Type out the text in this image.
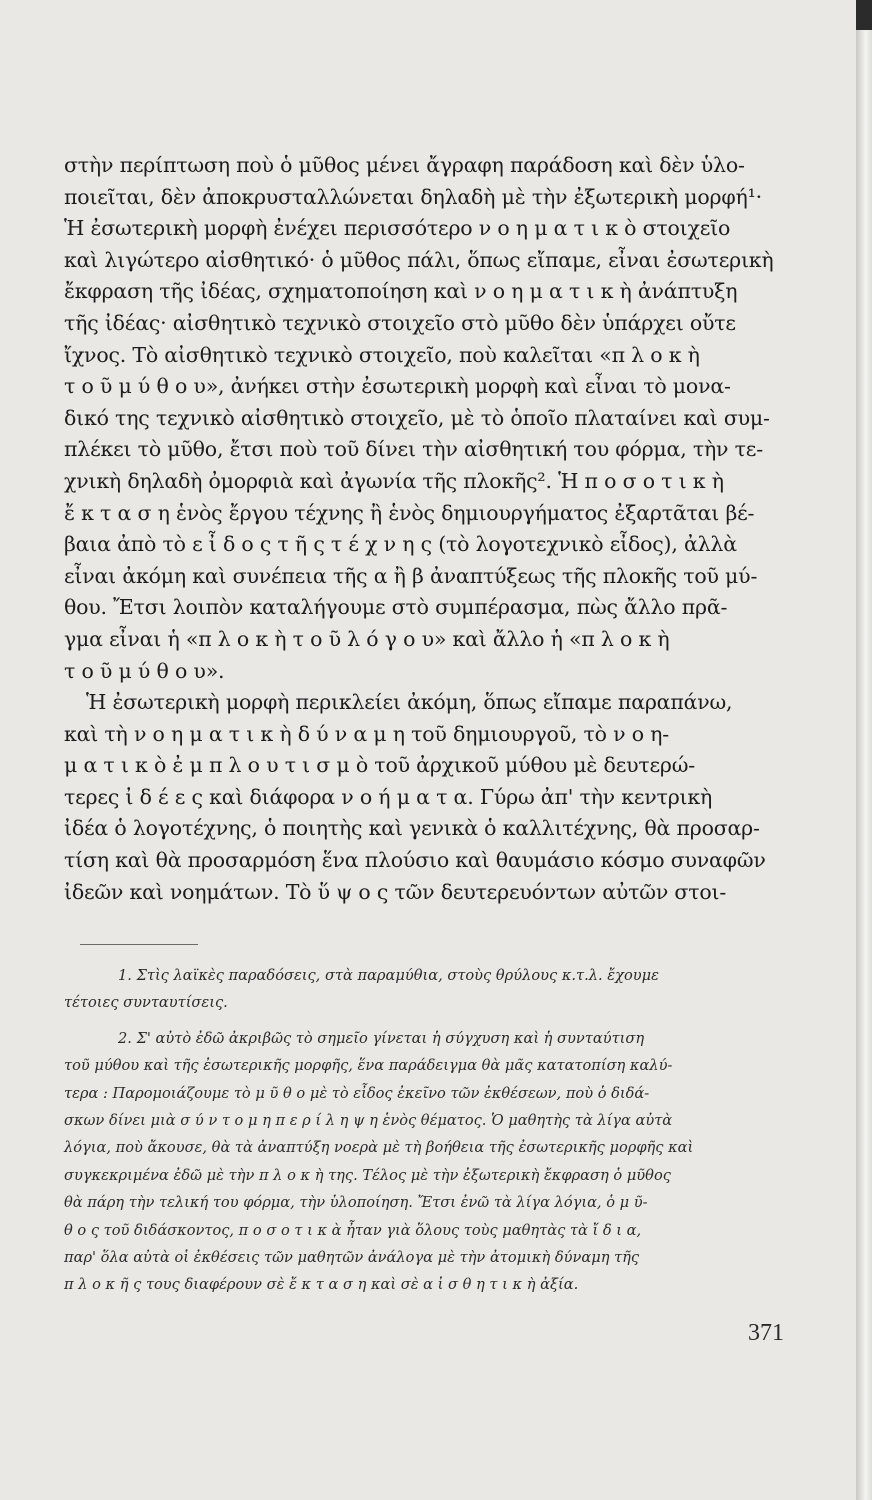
στὴν περίπτωση ποὺ ὁ μῦθος μένει ἄγραφη παράδοση καὶ δὲν ὑλο-
ποιεῖται, δὲν ἀποκρυσταλλώνεται δηλαδὴ μὲ τὴν ἐξωτερικὴ μορφή¹·
Ἡ ἐσωτερικὴ μορφὴ ἐνέχει περισσότερο ν ο η μ α τ ι κ ὸ στοιχεῖο
καὶ λιγώτερο αἰσθητικό· ὁ μῦθος πάλι, ὅπως εἴπαμε, εἶναι ἐσωτερικὴ
ἔκφραση τῆς ἰδέας, σχηματοποίηση καὶ ν ο η μ α τ ι κ ὴ ἀνάπτυξη
τῆς ἰδέας· αἰσθητικὸ τεχνικὸ στοιχεῖο στὸ μῦθο δὲν ὑπάρχει οὔτε
ἴχνος. Τὸ αἰσθητικὸ τεχνικὸ στοιχεῖο, ποὺ καλεῖται «π λ ο κ ὴ
τ ο ῦ μ ύ θ ο υ», ἀνήκει στὴν ἐσωτερικὴ μορφὴ καὶ εἶναι τὸ μονα-
δικό της τεχνικὸ αἰσθητικὸ στοιχεῖο, μὲ τὸ ὁποῖο πλαταίνει καὶ συμ-
πλέκει τὸ μῦθο, ἔτσι ποὺ τοῦ δίνει τὴν αἰσθητική του φόρμα, τὴν τε-
χνικὴ δηλαδὴ ὀμορφιὰ καὶ ἀγωνία τῆς πλοκῆς². Ἡ π ο σ ο τ ι κ ὴ
ἔ κ τ α σ η ἑνὸς ἔργου τέχνης ἢ ἑνὸς δημιουργήματος ἐξαρτᾶται βέ-
βαια ἀπὸ τὸ ε ἶ δ ο ς τ ῆ ς τ έ χ ν η ς (τὸ λογοτεχνικὸ εἶδος), ἀλλὰ
εἶναι ἀκόμη καὶ συνέπεια τῆς α ἢ β ἀναπτύξεως τῆς πλοκῆς τοῦ μύ-
θου. Ἔτσι λοιπὸν καταλήγουμε στὸ συμπέρασμα, πὼς ἄλλο πρᾶ-
γμα εἶναι ἡ «π λ ο κ ὴ τ ο ῦ λ ό γ ο υ» καὶ ἄλλο ἡ «π λ ο κ ὴ
τ ο ῦ μ ύ θ ο υ».
Ἡ ἐσωτερικὴ μορφὴ περικλείει ἀκόμη, ὅπως εἴπαμε παραπάνω,
καὶ τὴ ν ο η μ α τ ι κ ὴ δ ύ ν α μ η τοῦ δημιουργοῦ, τὸ ν ο η-
μ α τ ι κ ὸ ἐ μ π λ ο υ τ ι σ μ ὸ τοῦ ἀρχικοῦ μύθου μὲ δευτερώ-
τερες ἰ δ έ ε ς καὶ διάφορα ν ο ή μ α τ α. Γύρω ἀπ' τὴν κεντρικὴ
ἰδέα ὁ λογοτέχνης, ὁ ποιητὴς καὶ γενικὰ ὁ καλλιτέχνης, θὰ προσαρ-
τίση καὶ θὰ προσαρμόση ἕνα πλούσιο καὶ θαυμάσιο κόσμο συναφῶν
ἰδεῶν καὶ νοημάτων. Τὸ ὕ ψ ο ς τῶν δευτερευόντων αὐτῶν στοι-
1. Στὶς λαϊκὲς παραδόσεις, στὰ παραμύθια, στοὺς θρύλους κ.τ.λ. ἔχουμε
τέτοιες συνταυτίσεις.
2. Σ' αὐτὸ ἐδῶ ἀκριβῶς τὸ σημεῖο γίνεται ἡ σύγχυση καὶ ἡ συνταύτιση
τοῦ μύθου καὶ τῆς ἐσωτερικῆς μορφῆς, ἕνα παράδειγμα θὰ μᾶς κατατοπίση καλύ-
τερα : Παρομοιάζουμε τὸ μ ῦ θ ο μὲ τὸ εἶδος ἐκεῖνο τῶν ἐκθέσεων, ποὺ ὁ διδά-
σκων δίνει μιὰ σ ύ ν τ ο μ η π ε ρ ί λ η ψ η ἑνὸς θέματος. Ὁ μαθητὴς τὰ λίγα αὐτὰ
λόγια, ποὺ ἄκουσε, θὰ τὰ ἀναπτύξη νοερὰ μὲ τὴ βοήθεια τῆς ἐσωτερικῆς μορφῆς καὶ
συγκεκριμένα ἐδῶ μὲ τὴν π λ ο κ ὴ της. Τέλος μὲ τὴν ἐξωτερικὴ ἔκφραση ὁ μῦθος
θὰ πάρη τὴν τελική του φόρμα, τὴν ὑλοποίηση. Ἔτσι ἐνῶ τὰ λίγα λόγια, ὁ μ ῦ-
θ ο ς τοῦ διδάσκοντος, π ο σ ο τ ι κ ὰ ἦταν γιὰ ὅλους τοὺς μαθητὰς τὰ ἴ δ ι α,
παρ' ὅλα αὐτὰ οἱ ἐκθέσεις τῶν μαθητῶν ἀνάλογα μὲ τὴν ἀτομικὴ δύναμη τῆς
π λ ο κ ῆ ς τους διαφέρουν σὲ ἔ κ τ α σ η καὶ σὲ α ἰ σ θ η τ ι κ ὴ ἀξία.
371
